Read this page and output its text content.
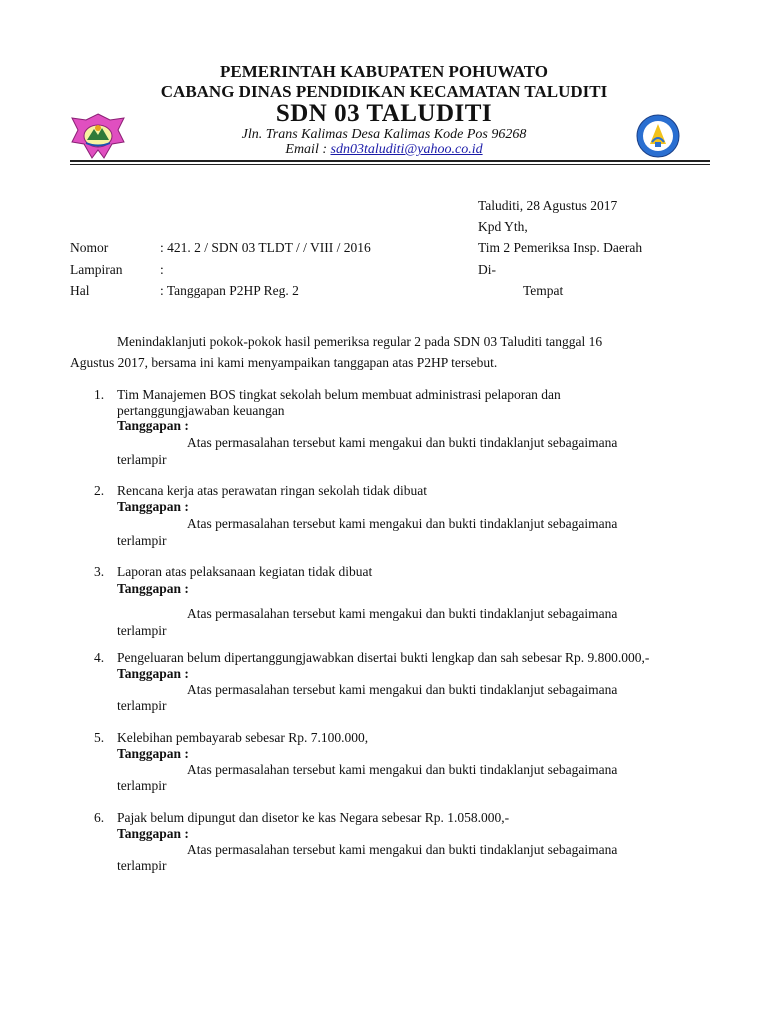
PEMERINTAH KABUPATEN POHUWATO
CABANG DINAS PENDIDIKAN KECAMATAN TALUDITI
SDN 03 TALUDITI
Jln. Trans Kalimas Desa Kalimas Kode Pos 96268
Email : sdn03taluditi@yahoo.co.id
Taluditi, 28 Agustus 2017
Kpd Yth,
Tim 2 Pemeriksa Insp. Daerah
Di-
Tempat
Nomor	: 421. 2 / SDN 03 TLDT / / VIII / 2016
Lampiran	:
Hal	: Tanggapan P2HP Reg. 2
Menindaklanjuti pokok-pokok hasil pemeriksa regular 2 pada SDN 03 Taluditi tanggal 16
Agustus 2017, bersama ini kami menyampaikan tanggapan atas P2HP tersebut.
1. Tim Manajemen BOS tingkat sekolah belum membuat administrasi pelaporan dan
pertanggungjawaban keuangan
Tanggapan :
Atas permasalahan tersebut kami mengakui dan bukti tindaklanjut sebagaimana
terlampir
2. Rencana kerja atas perawatan ringan sekolah tidak dibuat
Tanggapan :
Atas permasalahan tersebut kami mengakui dan bukti tindaklanjut sebagaimana
terlampir
3. Laporan atas pelaksanaan kegiatan tidak dibuat
Tanggapan :
Atas permasalahan tersebut kami mengakui dan bukti tindaklanjut sebagaimana
terlampir
4. Pengeluaran belum dipertanggungjawabkan disertai bukti lengkap dan sah sebesar Rp. 9.800.000,-
Tanggapan :
Atas permasalahan tersebut kami mengakui dan bukti tindaklanjut sebagaimana
terlampir
5. Kelebihan pembayarab sebesar Rp. 7.100.000,
Tanggapan :
Atas permasalahan tersebut kami mengakui dan bukti tindaklanjut sebagaimana
terlampir
6. Pajak belum dipungut dan disetor ke kas Negara sebesar Rp. 1.058.000,-
Tanggapan :
Atas permasalahan tersebut kami mengakui dan bukti tindaklanjut sebagaimana
terlampir
